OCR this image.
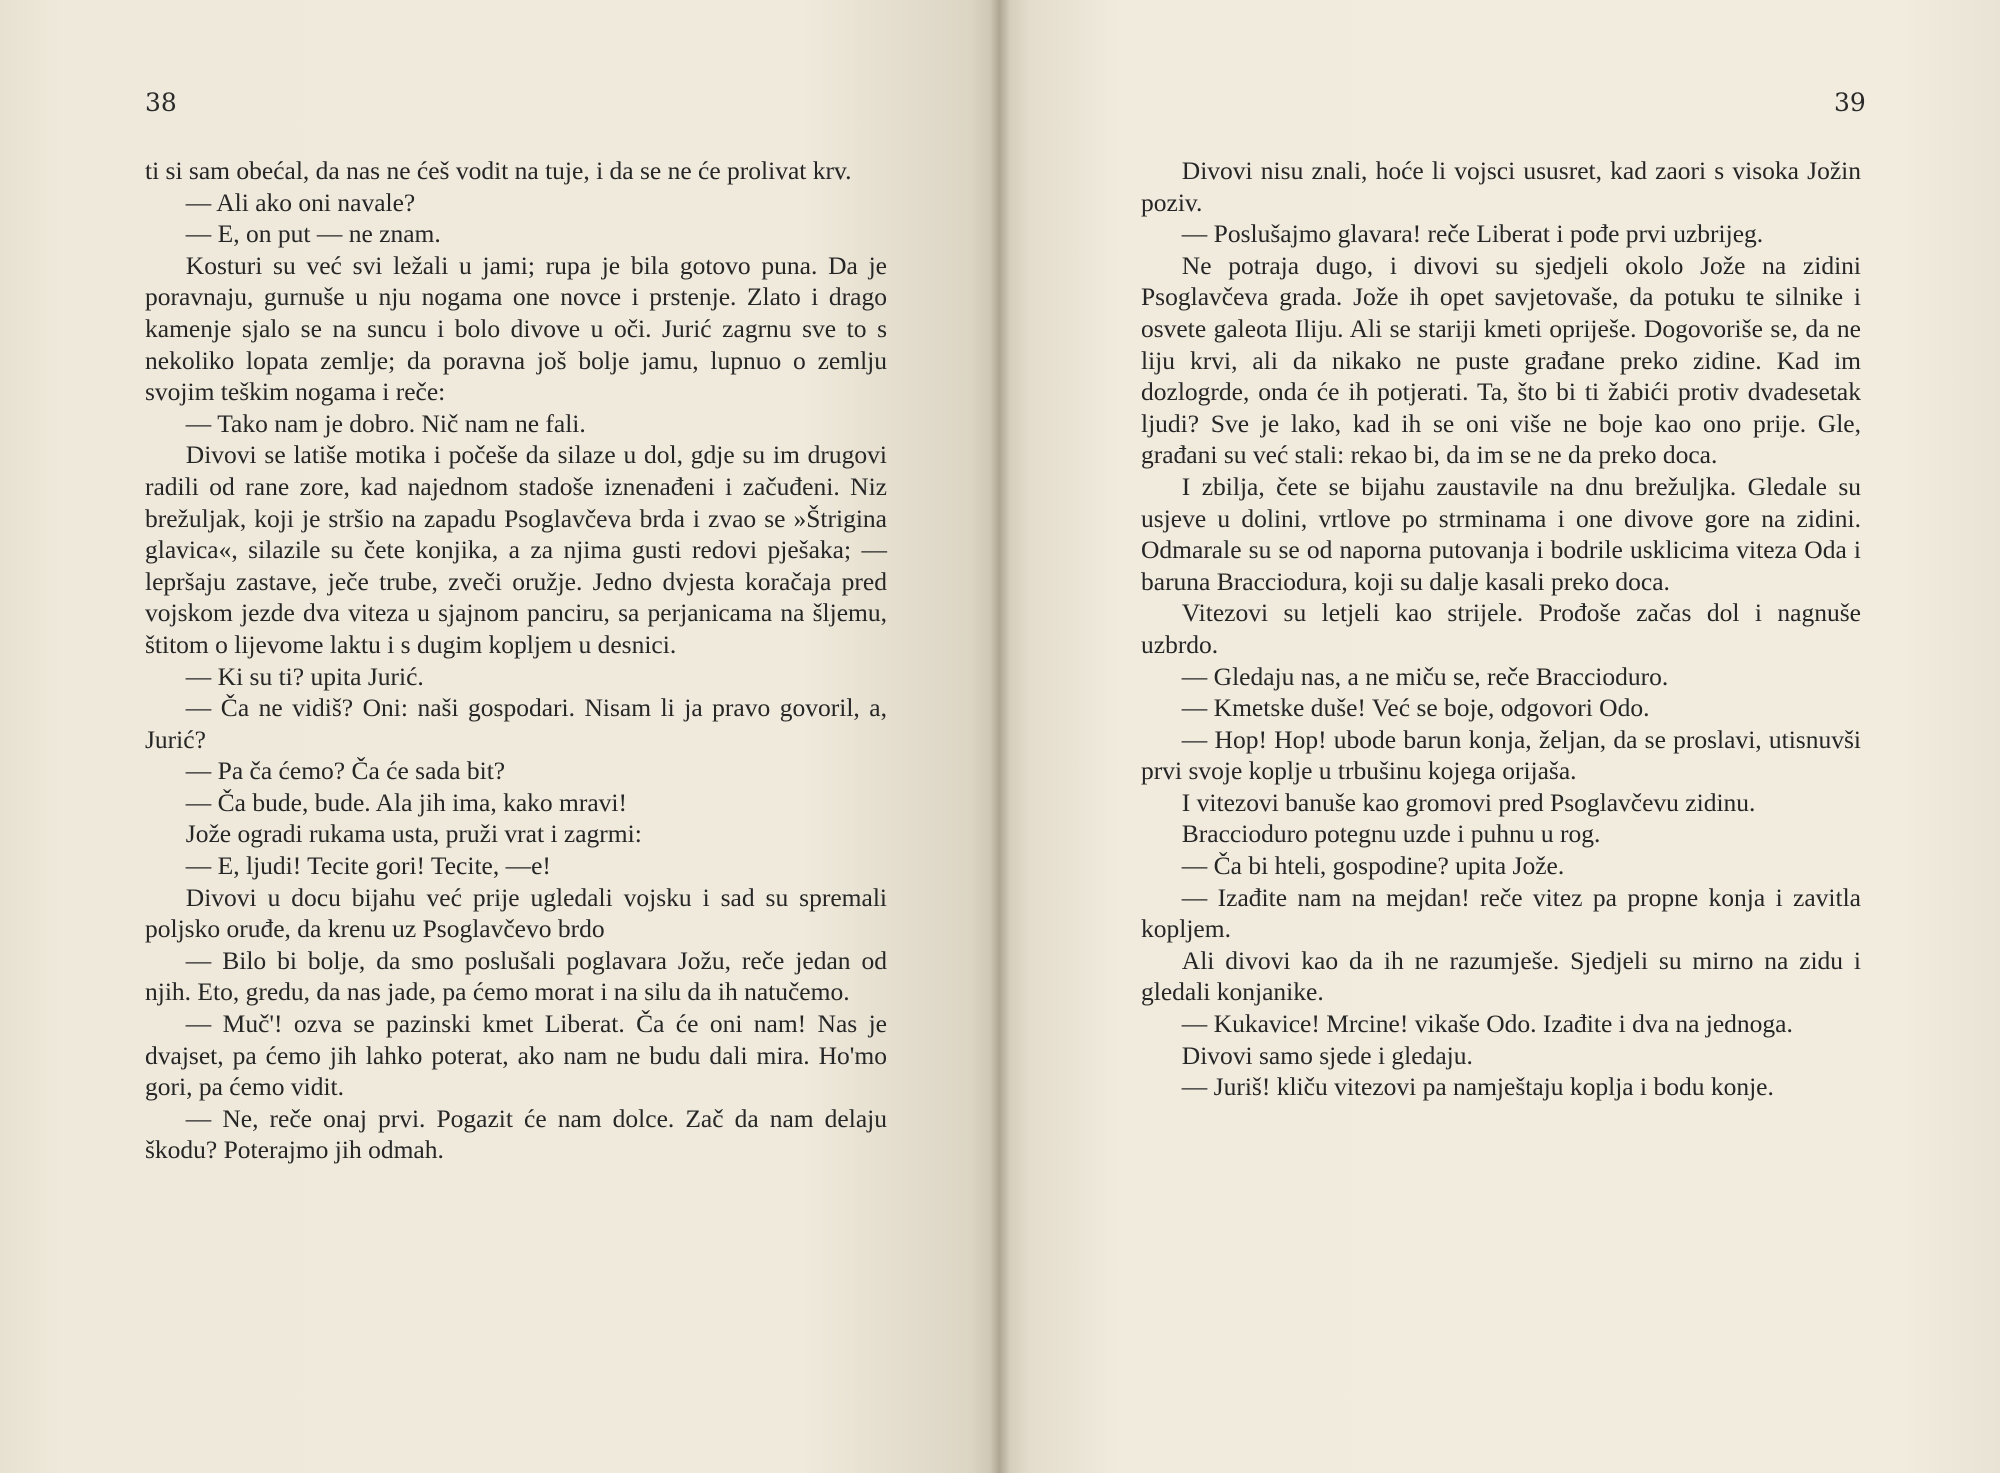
38

ti si sam obećal, da nas ne ćeš vodit na tuje, i da se ne će prolivat krv.

— Ali ako oni navale?

— E, on put — ne znam.

Kosturi su već svi ležali u jami; rupa je bila gotovo puna. Da je poravnaju, gurnuše u nju nogama one novce i prstenje. Zlato i drago kamenje sjalo se na suncu i bolo divove u oči. Jurić zagrnu sve to s nekoliko lopata zemlje; da poravna još bolje jamu, lupnuo o zemlju svojim teškim nogama i reče:

— Tako nam je dobro. Nič nam ne fali.

Divovi se latiše motika i počeše da silaze u dol, gdje su im drugovi radili od rane zore, kad najednom stadoše iznenađeni i začuđeni. Niz brežuljak, koji je stršio na zapadu Psoglavčeva brda i zvao se »Štrigina glavica«, silazile su čete konjika, a za njima gusti redovi pješaka; — lepršaju zastave, ječe trube, zveči oružje. Jedno dvjesta koračaja pred vojskom jezde dva viteza u sjajnom panciru, sa perjanicama na šljemu, štitom o lijevome laktu i s dugim kopljem u desnici.

— Ki su ti? upita Jurić.

— Ča ne vidiš? Oni: naši gospodari. Nisam li ja pravo govoril, a, Jurić?

— Pa ča ćemo? Ča će sada bit?

— Ča bude, bude. Ala jih ima, kako mravi!

Jože ogradi rukama usta, pruži vrat i zagrmi:

— E, ljudi! Tecite gori! Tecite, —e!

Divovi u docu bijahu već prije ugledali vojsku i sad su spremali poljsko oruđe, da krenu uz Psoglavčevo brdo

— Bilo bi bolje, da smo poslušali poglavara Jožu, reče jedan od njih. Eto, gredu, da nas jade, pa ćemo morat i na silu da ih natučemo.

— Muč'! ozva se pazinski kmet Liberat. Ča će oni nam! Nas je dvajset, pa ćemo jih lahko poterat, ako nam ne budu dali mira. Ho'mo gori, pa ćemo vidit.

— Ne, reče onaj prvi. Pogazit će nam dolce. Zač da nam delaju škodu? Poterajmo jih odmah.

39

Divovi nisu znali, hoće li vojsci ususret, kad zaori s visoka Jožin poziv.

— Poslušajmo glavara! reče Liberat i pođe prvi uzbrijeg.

Ne potraja dugo, i divovi su sjedjeli okolo Jože na zidini Psoglavčeva grada. Jože ih opet savjetovaše, da potuku te silnike i osvete galeota Iliju. Ali se stariji kmeti opriješe. Dogovoriše se, da ne liju krvi, ali da nikako ne puste građane preko zidine. Kad im dozlogrde, onda će ih potjerati. Ta, što bi ti žabići protiv dvadesetak ljudi? Sve je lako, kad ih se oni više ne boje kao ono prije. Gle, građani su već stali: rekao bi, da im se ne da preko doca.

I zbilja, čete se bijahu zaustavile na dnu brežuljka. Gledale su usjeve u dolini, vrtlove po strminama i one divove gore na zidini. Odmarale su se od naporna putovanja i bodrile usklicima viteza Oda i baruna Bracciodura, koji su dalje kasali preko doca.

Vitezovi su letjeli kao strijele. Prođoše začas dol i nagnuše uzbrdo.

— Gledaju nas, a ne miču se, reče Braccioduro.

— Kmetske duše! Već se boje, odgovori Odo.

— Hop! Hop! ubode barun konja, željan, da se proslavi, utisnuvši prvi svoje koplje u trbušinu kojega orijaša.

I vitezovi banuše kao gromovi pred Psoglavčevu zidinu.

Braccioduro potegnu uzde i puhnu u rog.

— Ča bi hteli, gospodine? upita Jože.

— Izađite nam na mejdan! reče vitez pa propne konja i zavitla kopljem.

Ali divovi kao da ih ne razumješe. Sjedjeli su mirno na zidu i gledali konjanike.

— Kukavice! Mrcine! vikaše Odo. Izađite i dva na jednoga.

Divovi samo sjede i gledaju.

— Juriš! kliču vitezovi pa namještaju koplja i bodu konje.
